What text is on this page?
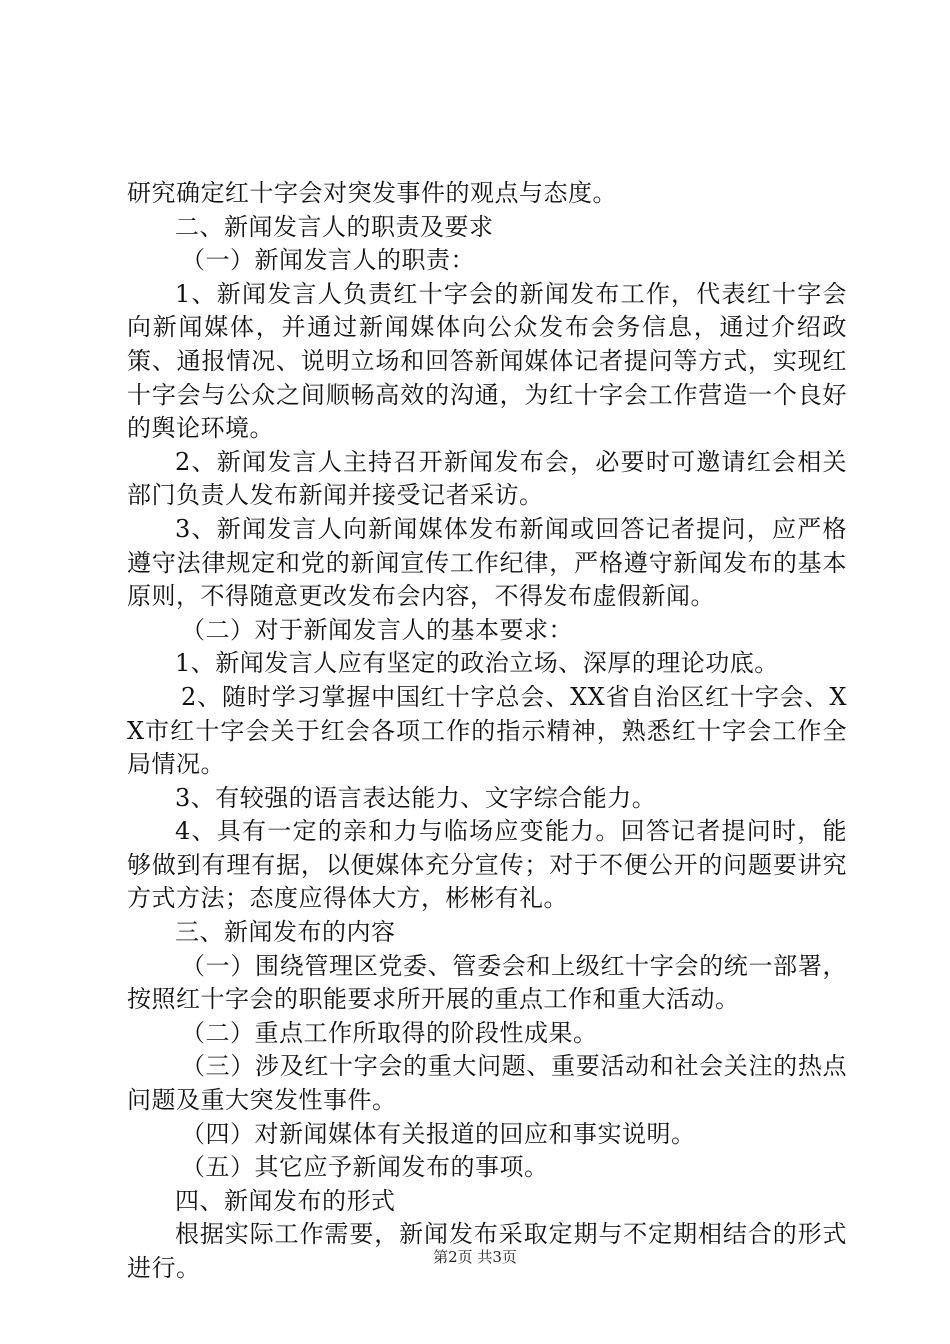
研究确定红十字会对突发事件的观点与态度。

二、新闻发言人的职责及要求

（一）新闻发言人的职责：

1、新闻发言人负责红十字会的新闻发布工作，代表红十字会向新闻媒体，并通过新闻媒体向公众发布会务信息，通过介绍政策、通报情况、说明立场和回答新闻媒体记者提问等方式，实现红十字会与公众之间顺畅高效的沟通，为红十字会工作营造一个良好的舆论环境。

2、新闻发言人主持召开新闻发布会，必要时可邀请红会相关部门负责人发布新闻并接受记者采访。

3、新闻发言人向新闻媒体发布新闻或回答记者提问，应严格遵守法律规定和党的新闻宣传工作纪律，严格遵守新闻发布的基本原则，不得随意更改发布会内容，不得发布虚假新闻。

（二）对于新闻发言人的基本要求：

1、新闻发言人应有坚定的政治立场、深厚的理论功底。

2、随时学习掌握中国红十字总会、XX省自治区红十字会、XX市红十字会关于红会各项工作的指示精神，熟悉红十字会工作全局情况。

3、有较强的语言表达能力、文字综合能力。

4、具有一定的亲和力与临场应变能力。回答记者提问时，能够做到有理有据，以便媒体充分宣传；对于不便公开的问题要讲究方式方法；态度应得体大方，彬彬有礼。

三、新闻发布的内容

（一）围绕管理区党委、管委会和上级红十字会的统一部署，按照红十字会的职能要求所开展的重点工作和重大活动。

（二）重点工作所取得的阶段性成果。

（三）涉及红十字会的重大问题、重要活动和社会关注的热点问题及重大突发性事件。

（四）对新闻媒体有关报道的回应和事实说明。

（五）其它应予新闻发布的事项。

四、新闻发布的形式

根据实际工作需要，新闻发布采取定期与不定期相结合的形式进行。	第2页 共3页
